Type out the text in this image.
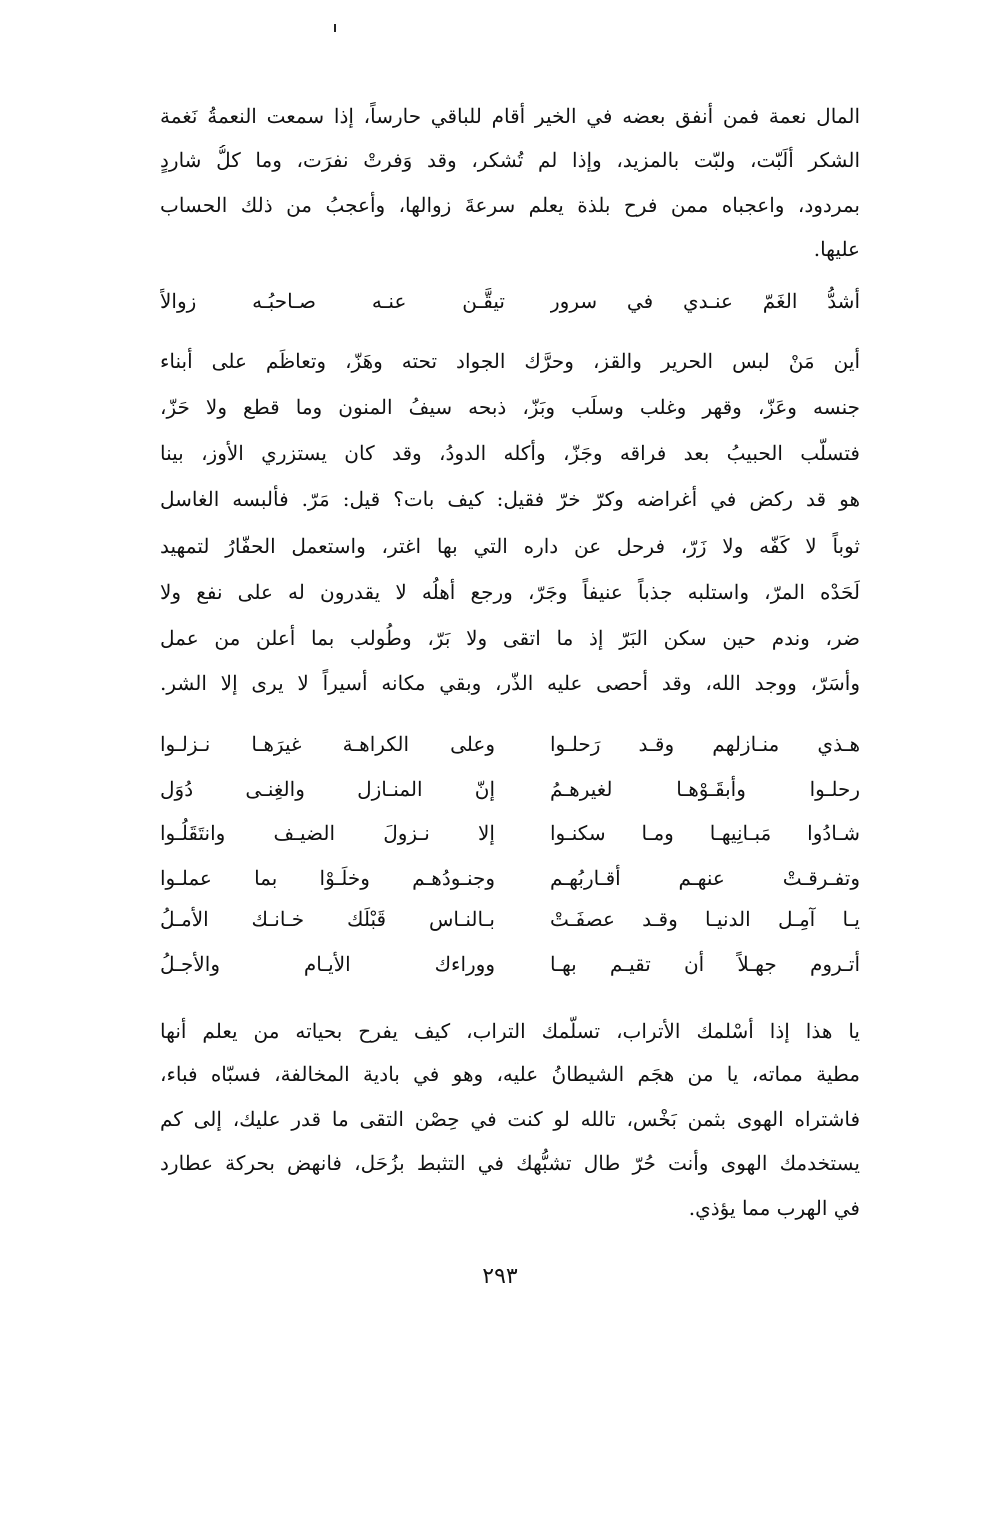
المال نعمة فمن أنفق بعضه في الخير أقام للباقي حارساً، إذا سمعت النعمةُ نَغمة
الشكر ألَبّت، ولبّت بالمزيد، وإذا لم تُشكر، وقد وَفرتْ نفرَت، وما كلُّ شاردٍ
بمردود، واعجباه ممن فرح بلذة يعلم سرعةَ زوالها، وأعجبُ من ذلك الحساب
عليها.
أشدُّ الغَمّ عنـدي في سرور
تيقَّـن عنـه صـاحبُـه زوالاً
أين مَنْ لبس الحرير والقز، وحرَّك الجواد تحته وهَزّ، وتعاظَم على أبناء
جنسه وعَزّ، وقهر وغلب وسلَب وبَزّ، ذبحه سيفُ المنون وما قطع ولا حَزّ،
فتسلَّب الحبيبُ بعد فراقه وجَزّ، وأكله الدودُ، وقد كان يستزري الأوز، بينا
هو قد ركض في أغراضه وكرّ خرّ فقيل: كيف بات؟ قيل: مَرّ. فألبسه الغاسل
ثوباً لا كَفّه ولا زَرّ، فرحل عن داره التي بها اغتر، واستعمل الحفّارُ لتمهيد
لَحَدْه المرّ، واستلبه جذباً عنيفاً وجَرّ، ورجع أهلُه لا يقدرون له على نفع ولا
ضر، وندم حين سكن البَرّ إذ ما اتقى ولا بَرّ، وطُولب بما أعلن من عمل
وأسَرّ، ووجد الله، وقد أحصى عليه الذّر، وبقي مكانه أسيراً لا يرى إلا الشر.
هـذي منـازلهم وقـد رَحلـوا
وعلى الكراهـة غيرَهـا نـزلـوا
رحلـوا وأبقَـوْهـا لغيرهـمُ
إنّ المنـازل والغِنـى دُوَل
شـادُوا مَبـانِيهـا ومـا سكنـوا
إلا نـزولَ الضيـف وانتَقَلُـوا
وتفـرقـتْ عنهـم أقـاربُهـم
وجنـودُهـم وخلَـوْا بما عملـوا
يـا آمِـل الدنيـا وقـد عصفَـتْ
بـالنـاس قَبْلَك خـانـك الأمـلُ
أتـروم جهـلاً أن تقيـم بهـا
ووراءك الأيـام والأجـلُ
يا هذا إذا أسْلمك الأتراب، تسلّمك التراب، كيف يفرح بحياته من يعلم أنها
مطية مماته، يا من هجَم الشيطانُ عليه، وهو في بادية المخالفة، فسبّاه فباء،
فاشتراه الهوى بثمن بَخْس، تالله لو كنت في حِصْن التقى ما قدر عليك، إلى كم
يستخدمك الهوى وأنت حُرّ طال تشبُّهك في التثبط بزُحَل، فانهض بحركة عطارد
في الهرب مما يؤذي.
٢٩٣
